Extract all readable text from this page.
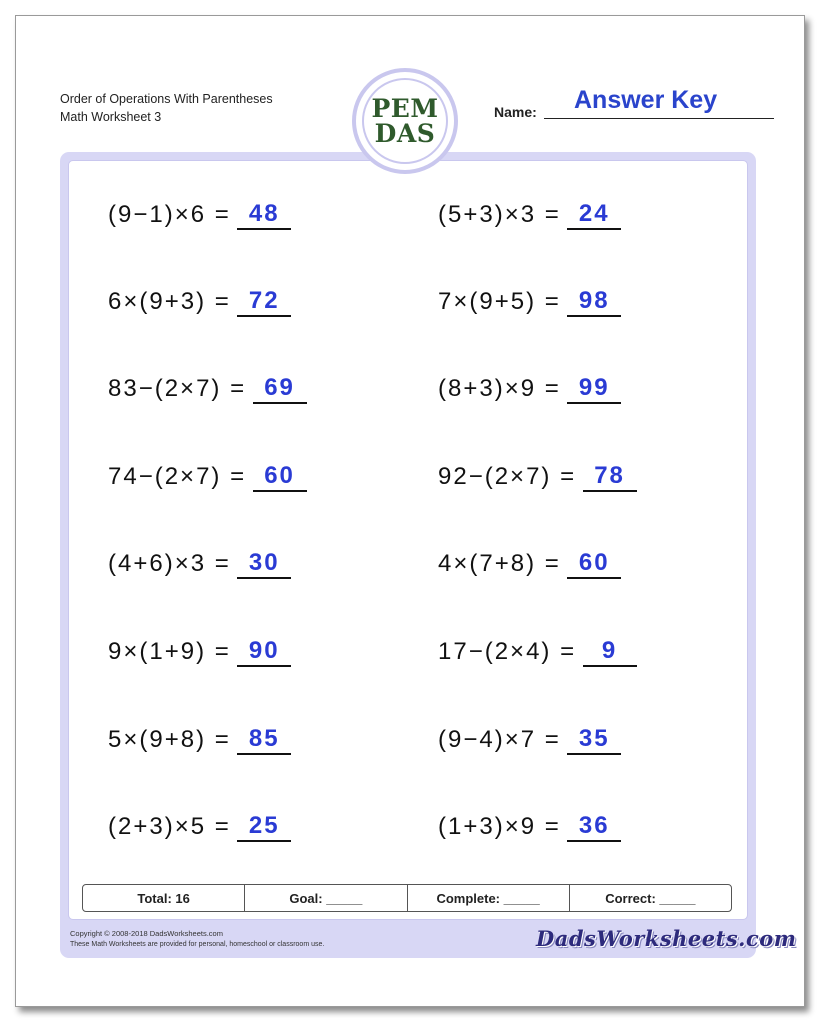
Order of Operations With Parentheses
Math Worksheet 3	PEM
DAS
Name: Answer Key
(9−1)×6 = 48	(5+3)×3 = 24
6×(9+3) = 72	7×(9+5) = 98
83−(2×7) = 69	(8+3)×9 = 99
74−(2×7) = 60	92−(2×7) = 78
(4+6)×3 = 30	4×(7+8) = 60
9×(1+9) = 90	17−(2×4) = 9
5×(9+8) = 85	(9−4)×7 = 35
(2+3)×5 = 25	(1+3)×9 = 36
Total: 16	Goal: _____	Complete: _____	Correct: _____
Copyright © 2008-2018 DadsWorksheets.com
These Math Worksheets are provided for personal, homeschool or classroom use.	DadsWorksheets.com
